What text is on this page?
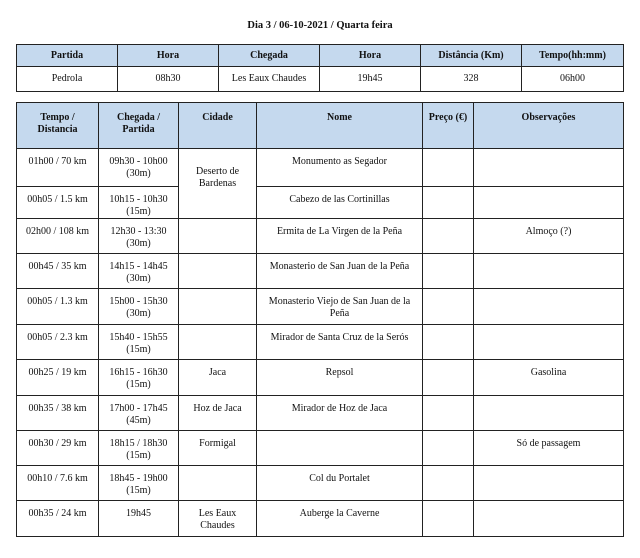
Dia 3 / 06-10-2021 / Quarta feira
Partida	Hora	Chegada	Hora	Distância (Km)	Tempo(hh:mm)
Pedrola	08h30	Les Eaux Chaudes	19h45	328	06h00
Tempo / Distancia	Chegada / Partida	Cidade	Nome	Preço (€)	Observações
01h00 / 70 km	09h30 - 10h00 (30m)	Deserto de Bardenas	Monumento as Segador		
00h05 / 1.5 km	10h15 - 10h30 (15m)		Cabezo de las Cortinillas		
02h00 / 108 km	12h30 - 13:30 (30m)		Ermita de La Virgen de la Peña		Almoço (?)
00h45 / 35 km	14h15 - 14h45 (30m)		Monasterio de San Juan de la Peña		
00h05 / 1.3 km	15h00 - 15h30 (30m)		Monasterio Viejo de San Juan de la Peña		
00h05 / 2.3 km	15h40 - 15h55 (15m)		Mirador de Santa Cruz de la Serós		
00h25 / 19 km	16h15 - 16h30 (15m)	Jaca	Repsol		Gasolina
00h35 / 38 km	17h00 - 17h45 (45m)	Hoz de Jaca	Mirador de Hoz de Jaca		
00h30 / 29 km	18h15 / 18h30 (15m)	Formigal			Só de passagem
00h10 / 7.6 km	18h45 - 19h00 (15m)		Col du Portalet		
00h35 / 24 km	19h45	Les Eaux Chaudes	Auberge la Caverne		
